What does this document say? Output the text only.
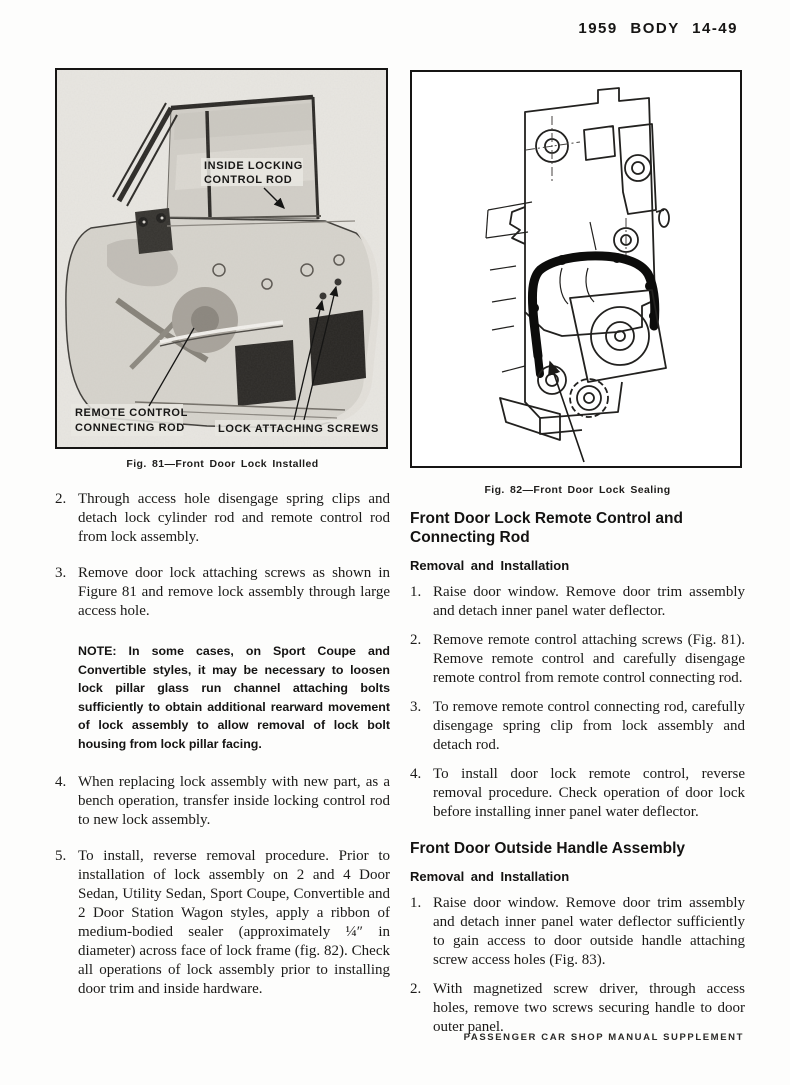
1959 BODY 14-49
INSIDE LOCKING
CONTROL ROD
REMOTE CONTROL
CONNECTING ROD	LOCK ATTACHING SCREWS
Fig. 81—Front Door Lock Installed
2. Through access hole disengage spring clips and detach lock cylinder rod and remote control rod from lock assembly.
3. Remove door lock attaching screws as shown in Figure 81 and remove lock assembly through large access hole.
NOTE: In some cases, on Sport Coupe and Convertible styles, it may be necessary to loosen lock pillar glass run channel attaching bolts sufficiently to obtain additional rearward movement of lock assembly to allow removal of lock bolt housing from lock pillar facing.
4. When replacing lock assembly with new part, as a bench operation, transfer inside locking control rod to new lock assembly.
5. To install, reverse removal procedure. Prior to installation of lock assembly on 2 and 4 Door Sedan, Utility Sedan, Sport Coupe, Convertible and 2 Door Station Wagon styles, apply a ribbon of medium-bodied sealer (approximately ¼″ in diameter) across face of lock frame (fig. 82). Check all operations of lock assembly prior to installing door trim and inside hardware.
Fig. 82—Front Door Lock Sealing
Front Door Lock Remote Control and Connecting Rod
Removal and Installation
1. Raise door window. Remove door trim assembly and detach inner panel water deflector.
2. Remove remote control attaching screws (Fig. 81). Remove remote control and carefully disengage remote control from remote control connecting rod.
3. To remove remote control connecting rod, carefully disengage spring clip from lock assembly and detach rod.
4. To install door lock remote control, reverse removal procedure. Check operation of door lock before installing inner panel water deflector.
Front Door Outside Handle Assembly
Removal and Installation
1. Raise door window. Remove door trim assembly and detach inner panel water deflector sufficiently to gain access to door outside handle attaching screw access holes (Fig. 83).
2. With magnetized screw driver, through access holes, remove two screws securing handle to door outer panel.
PASSENGER CAR SHOP MANUAL SUPPLEMENT
